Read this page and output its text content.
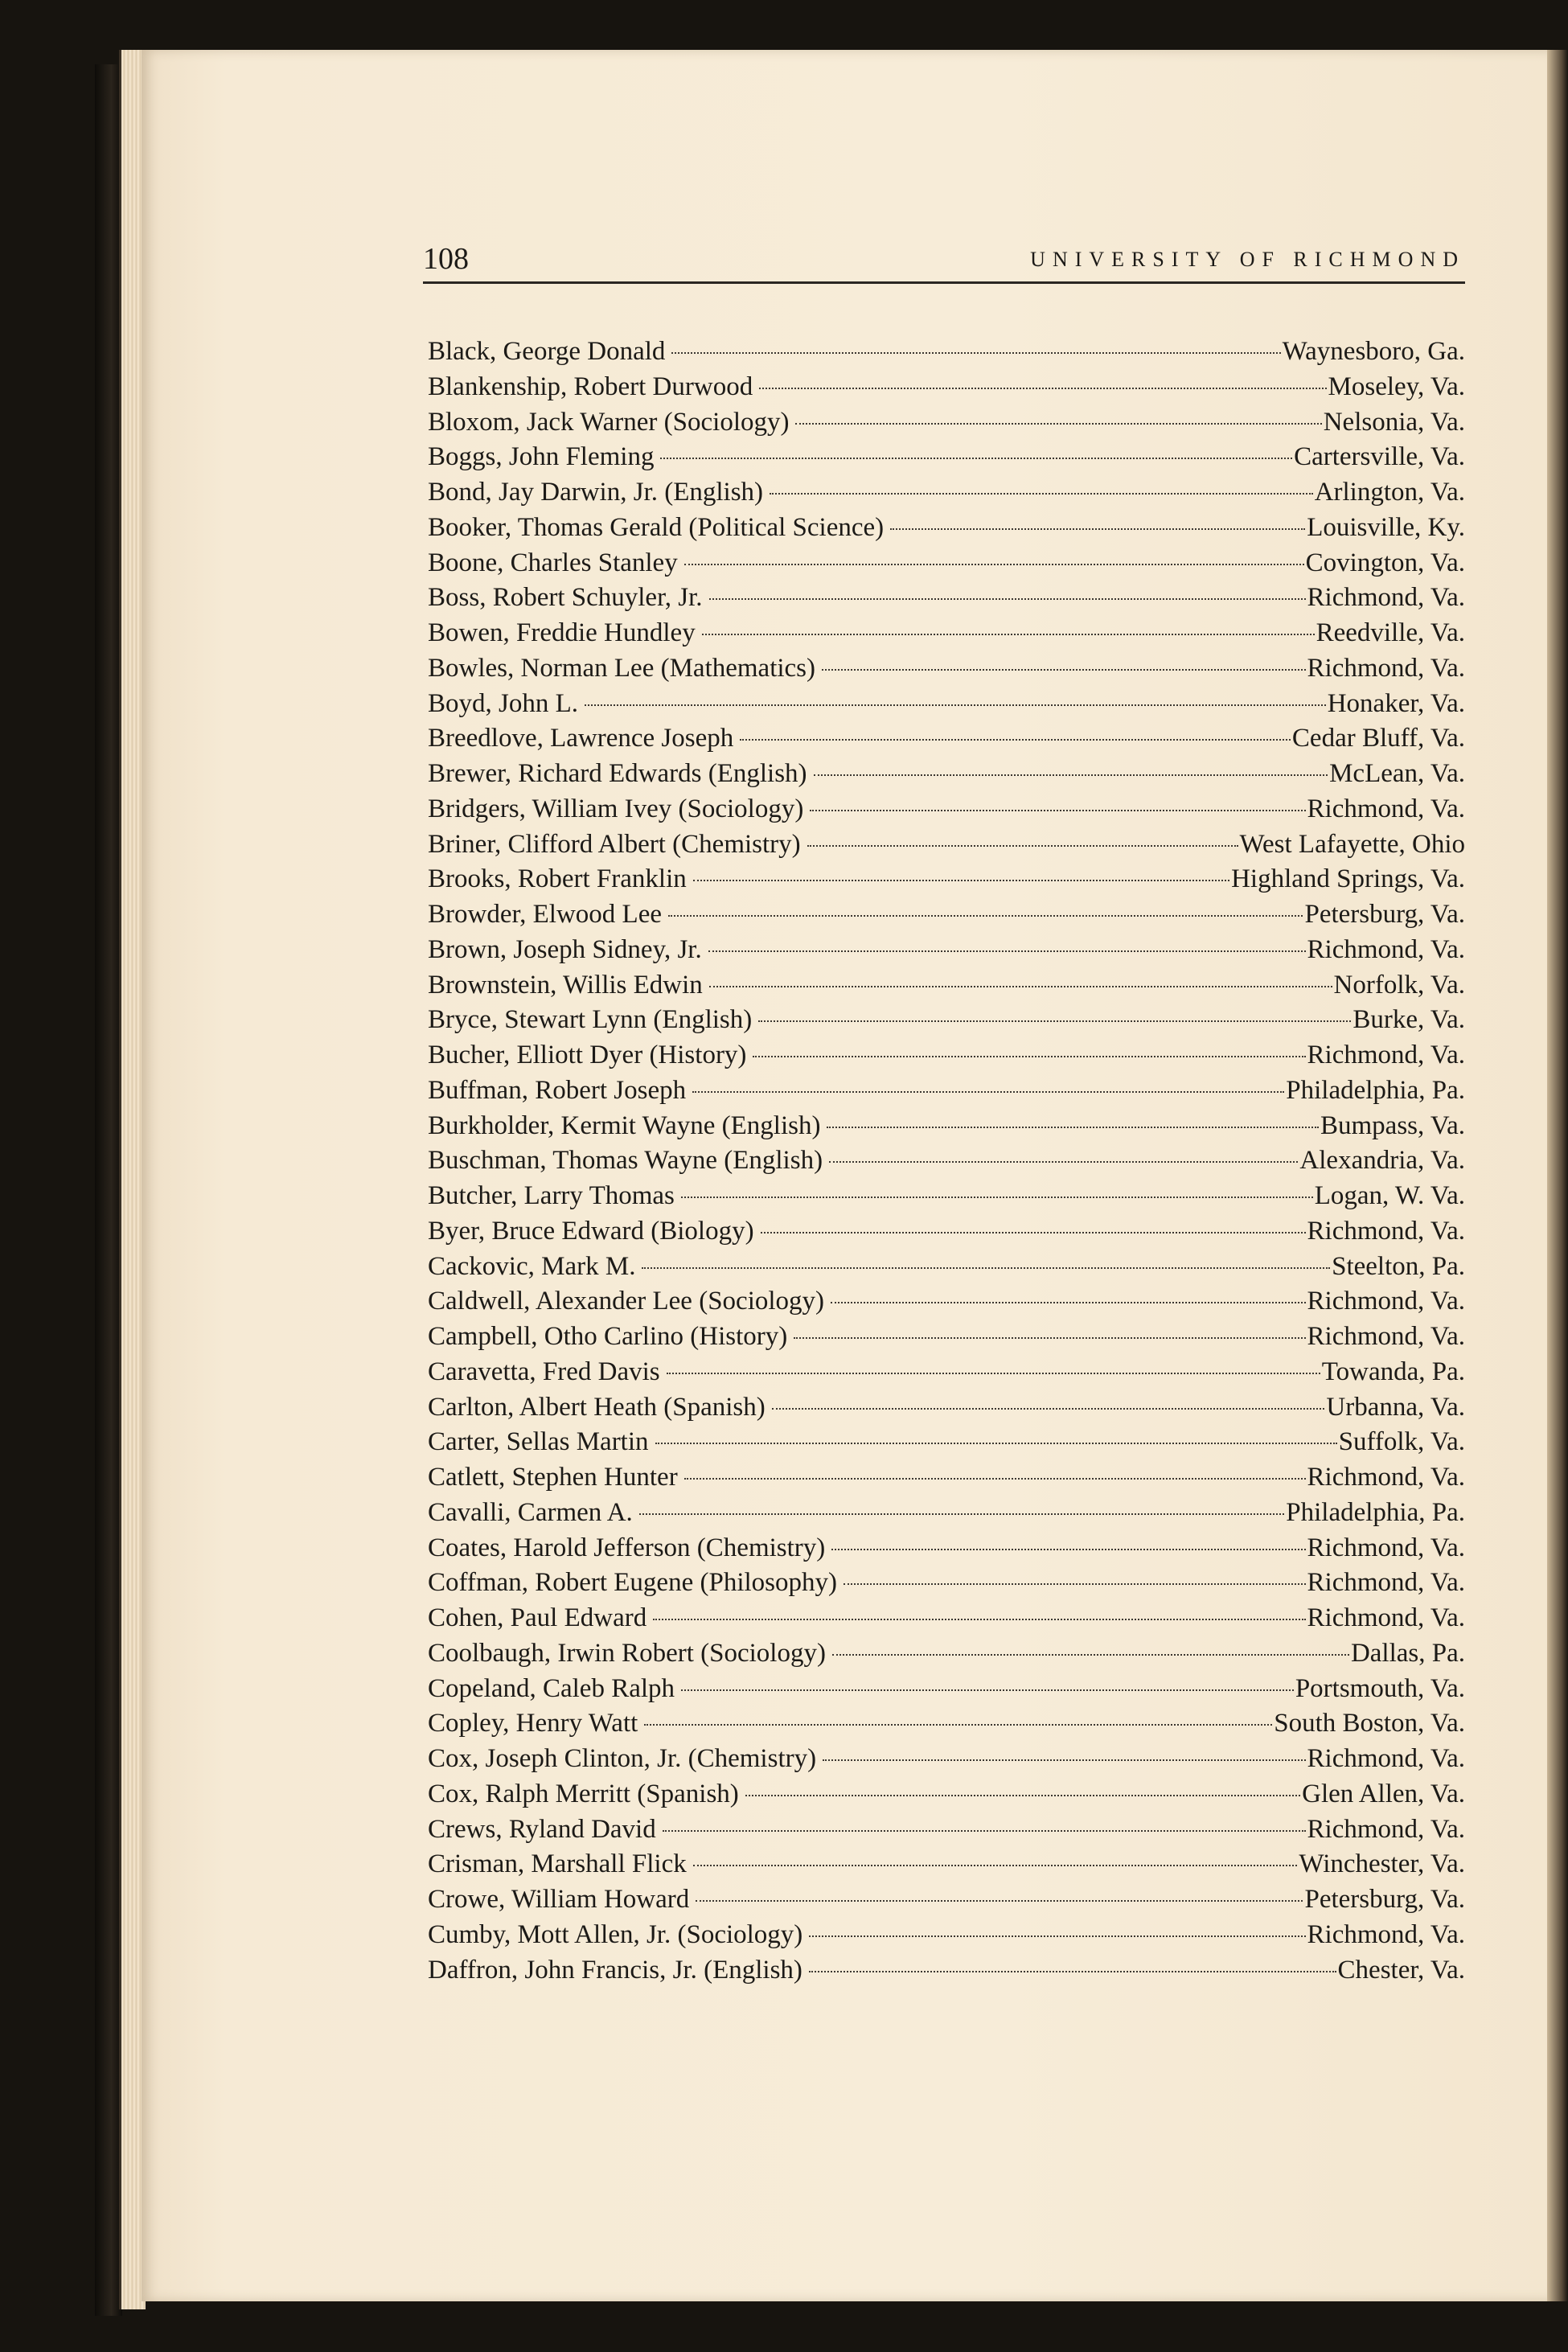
108	UNIVERSITY OF RICHMOND
Black, George Donald	Waynesboro, Ga.
Blankenship, Robert Durwood	Moseley, Va.
Bloxom, Jack Warner (Sociology)	Nelsonia, Va.
Boggs, John Fleming	Cartersville, Va.
Bond, Jay Darwin, Jr. (English)	Arlington, Va.
Booker, Thomas Gerald (Political Science)	Louisville, Ky.
Boone, Charles Stanley	Covington, Va.
Boss, Robert Schuyler, Jr.	Richmond, Va.
Bowen, Freddie Hundley	Reedville, Va.
Bowles, Norman Lee (Mathematics)	Richmond, Va.
Boyd, John L.	Honaker, Va.
Breedlove, Lawrence Joseph	Cedar Bluff, Va.
Brewer, Richard Edwards (English)	McLean, Va.
Bridgers, William Ivey (Sociology)	Richmond, Va.
Briner, Clifford Albert (Chemistry)	West Lafayette, Ohio
Brooks, Robert Franklin	Highland Springs, Va.
Browder, Elwood Lee	Petersburg, Va.
Brown, Joseph Sidney, Jr.	Richmond, Va.
Brownstein, Willis Edwin	Norfolk, Va.
Bryce, Stewart Lynn (English)	Burke, Va.
Bucher, Elliott Dyer (History)	Richmond, Va.
Buffman, Robert Joseph	Philadelphia, Pa.
Burkholder, Kermit Wayne (English)	Bumpass, Va.
Buschman, Thomas Wayne (English)	Alexandria, Va.
Butcher, Larry Thomas	Logan, W. Va.
Byer, Bruce Edward (Biology)	Richmond, Va.
Cackovic, Mark M.	Steelton, Pa.
Caldwell, Alexander Lee (Sociology)	Richmond, Va.
Campbell, Otho Carlino (History)	Richmond, Va.
Caravetta, Fred Davis	Towanda, Pa.
Carlton, Albert Heath (Spanish)	Urbanna, Va.
Carter, Sellas Martin	Suffolk, Va.
Catlett, Stephen Hunter	Richmond, Va.
Cavalli, Carmen A.	Philadelphia, Pa.
Coates, Harold Jefferson (Chemistry)	Richmond, Va.
Coffman, Robert Eugene (Philosophy)	Richmond, Va.
Cohen, Paul Edward	Richmond, Va.
Coolbaugh, Irwin Robert (Sociology)	Dallas, Pa.
Copeland, Caleb Ralph	Portsmouth, Va.
Copley, Henry Watt	South Boston, Va.
Cox, Joseph Clinton, Jr. (Chemistry)	Richmond, Va.
Cox, Ralph Merritt (Spanish)	Glen Allen, Va.
Crews, Ryland David	Richmond, Va.
Crisman, Marshall Flick	Winchester, Va.
Crowe, William Howard	Petersburg, Va.
Cumby, Mott Allen, Jr. (Sociology)	Richmond, Va.
Daffron, John Francis, Jr. (English)	Chester, Va.
